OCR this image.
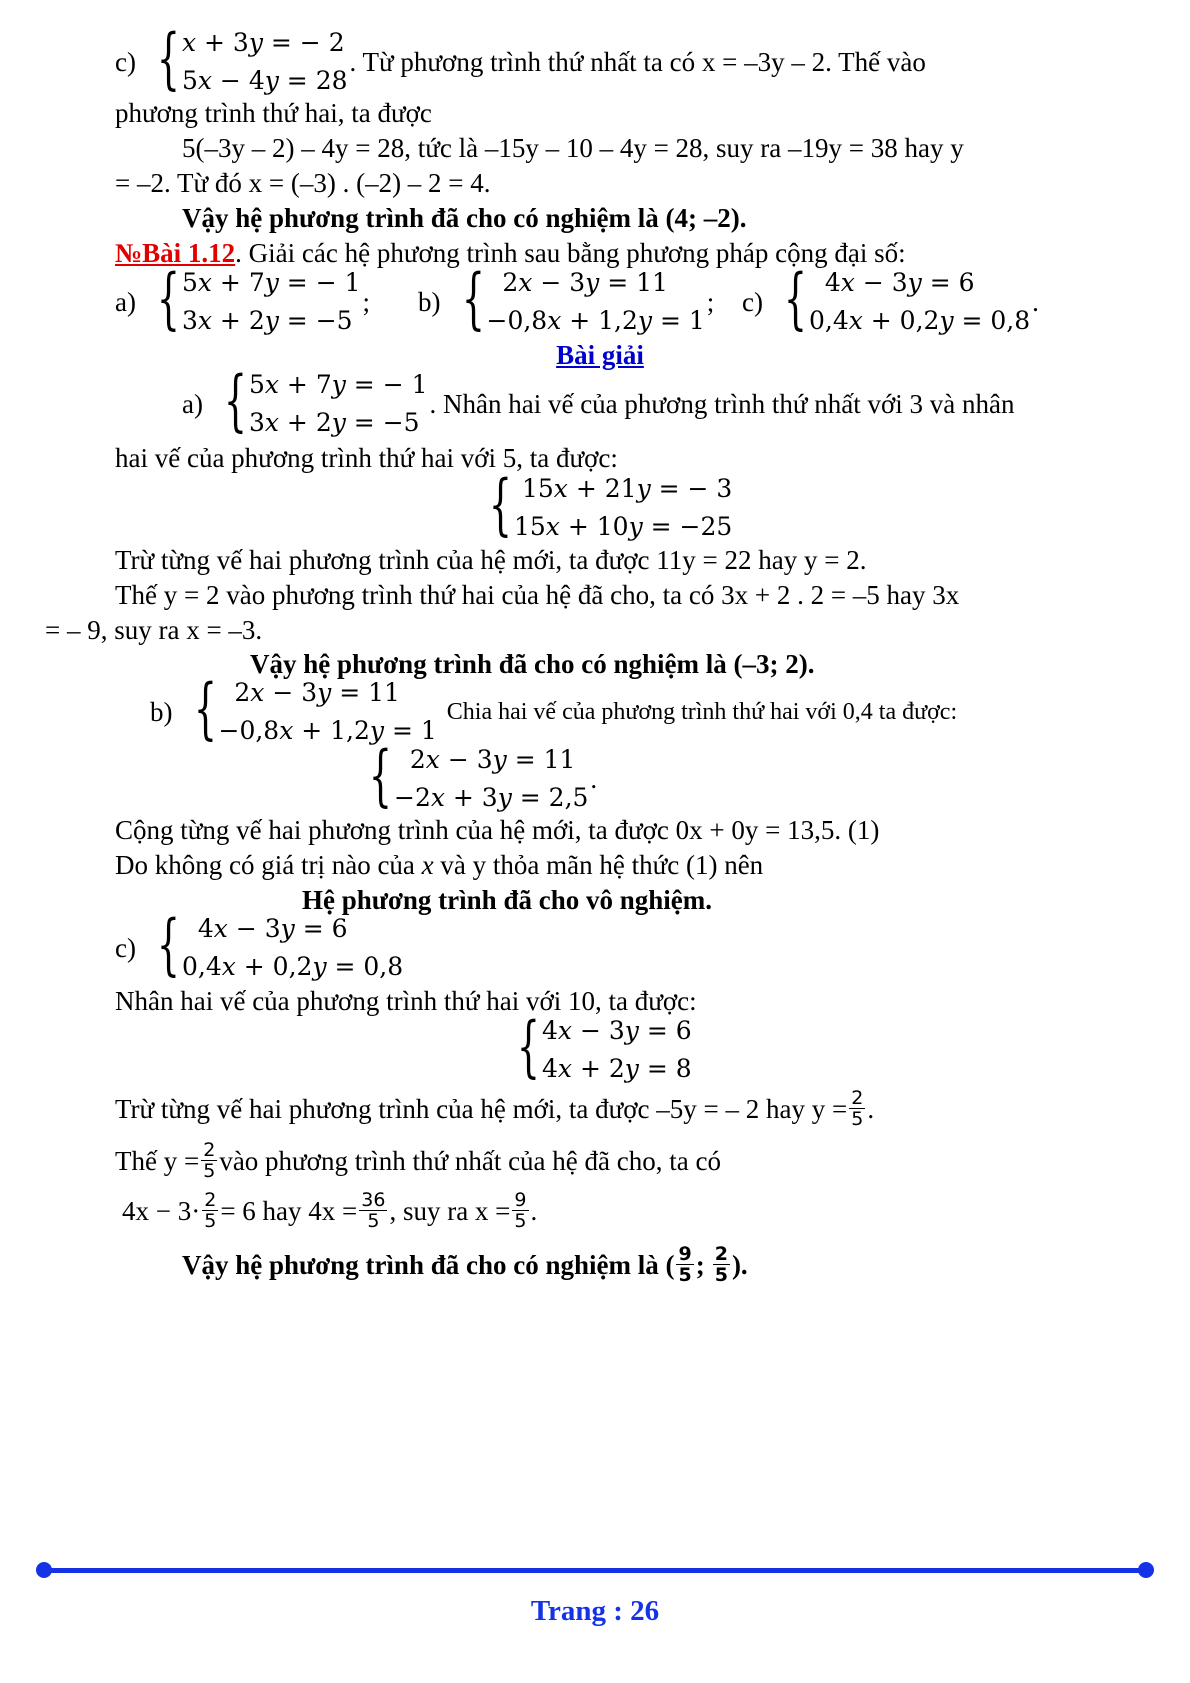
c) { 𝑥 + 3𝑦 = − 2
5𝑥 − 4𝑦 = 28
. Từ phương trình thứ nhất ta có x = –3y – 2. Thế vào
phương trình thứ hai, ta được
5(–3y – 2) – 4y = 28, tức là –15y – 10 – 4y = 28, suy ra –19y = 38 hay y
= –2. Từ đó x = (–3) . (–2) – 2 = 4.
Vậy hệ phương trình đã cho có nghiệm là (4; –2).
№Bài 1.12. Giải các hệ phương trình sau bằng phương pháp cộng đại số:
a) { 5𝑥 + 7𝑦 = − 1
3𝑥 + 2𝑦 = −5
; b) { 2𝑥 − 3𝑦 = 11
−0,8𝑥 + 1,2𝑦 = 1
; c) { 4𝑥 − 3𝑦 = 6
0,4𝑥 + 0,2𝑦 = 0,8
.
Bài giải
a) { 5𝑥 + 7𝑦 = − 1
3𝑥 + 2𝑦 = −5
. Nhân hai vế của phương trình thứ nhất với 3 và nhân
hai vế của phương trình thứ hai với 5, ta được:
{ 15𝑥 + 21𝑦 = − 3
15𝑥 + 10𝑦 = −25
Trừ từng vế hai phương trình của hệ mới, ta được 11y = 22 hay y = 2.
Thế y = 2 vào phương trình thứ hai của hệ đã cho, ta có 3x + 2 . 2 = –5 hay 3x
= – 9, suy ra x = –3.
Vậy hệ phương trình đã cho có nghiệm là (–3; 2).
b) { 2𝑥 − 3𝑦 = 11
−0,8𝑥 + 1,2𝑦 = 1
Chia hai vế của phương trình thứ hai với 0,4 ta được:
{ 2𝑥 − 3𝑦 = 11
−2𝑥 + 3𝑦 = 2,5
.
Cộng từng vế hai phương trình của hệ mới, ta được 0x + 0y = 13,5. (1)
Do không có giá trị nào của x và y thỏa mãn hệ thức (1) nên
Hệ phương trình đã cho vô nghiệm.
c) { 4𝑥 − 3𝑦 = 6
0,4𝑥 + 0,2𝑦 = 0,8
Nhân hai vế của phương trình thứ hai với 10, ta được:
{ 4𝑥 − 3𝑦 = 6
4𝑥 + 2𝑦 = 8
Trừ từng vế hai phương trình của hệ mới, ta được –5y = – 2 hay $y = \frac{2}{5}$ .
Thế $y = \frac{2}{5}$ vào phương trình thứ nhất của hệ đã cho, ta có
$4x - 3\cdot \frac{2}{5} = 6$ hay $4x = \frac{36}{5}$ , suy ra $x = \frac{9}{5}$ .
Vậy hệ phương trình đã cho có nghiệm là ( $\frac{9}{5}$ ; $\frac{2}{5}$ ).
Trang : 26
